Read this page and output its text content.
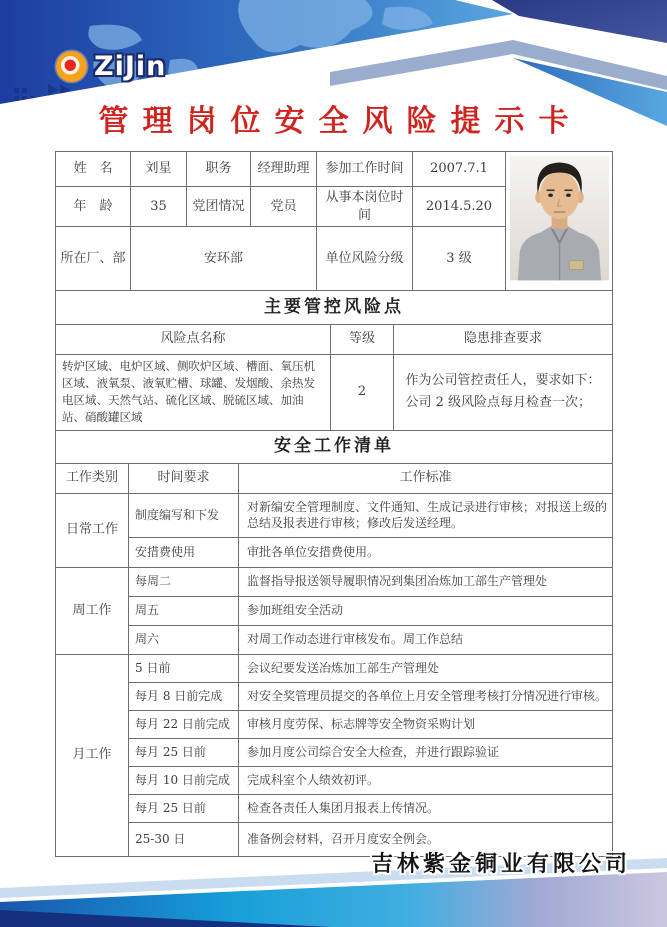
ZiJin
管理岗位安全风险提示卡
姓　名	刘星	职务	经理助理	参加工作时间	2007.7.1	
年　龄	35	党团情况	党员	从事本岗位时间	2014.5.20	
所在厂、部	安环部			单位风险分级	3 级	
主要管控风险点		
风险点名称	等级	隐患排查要求
转炉区域、电炉区域、侧吹炉区域、槽面、氧压机区域、液氧泵、液氧贮槽、球罐、发烟酸、余热发电区域、天然气站、硫化区域、脱硫区域、加油站、硝酸罐区域	2	作为公司管控责任人，要求如下：
公司 2 级风险点每月检查一次；
安全工作清单		
工作类别	时间要求	工作标准
日常工作	制度编写和下发	对新编安全管理制度、文件通知、生成记录进行审核；对报送上级的总结及报表进行审核；修改后发送经理。
	安措费使用	审批各单位安措费使用。
周工作	每周二	监督指导报送领导履职情况到集团冶炼加工部生产管理处
	周五	参加班组安全活动
	周六	对周工作动态进行审核发布。周工作总结
月工作	5 日前	会议纪要发送冶炼加工部生产管理处
	每月 8 日前完成	对安全奖管理员提交的各单位上月安全管理考核打分情况进行审核。
	每月 22 日前完成	审核月度劳保、标志牌等安全物资采购计划
	每月 25 日前	参加月度公司综合安全大检查，并进行跟踪验证
	每月 10 日前完成	完成科室个人绩效初评。
	每月 25 日前	检查各责任人集团月报表上传情况。
	25-30 日	准备例会材料，召开月度安全例会。
吉林紫金铜业有限公司
